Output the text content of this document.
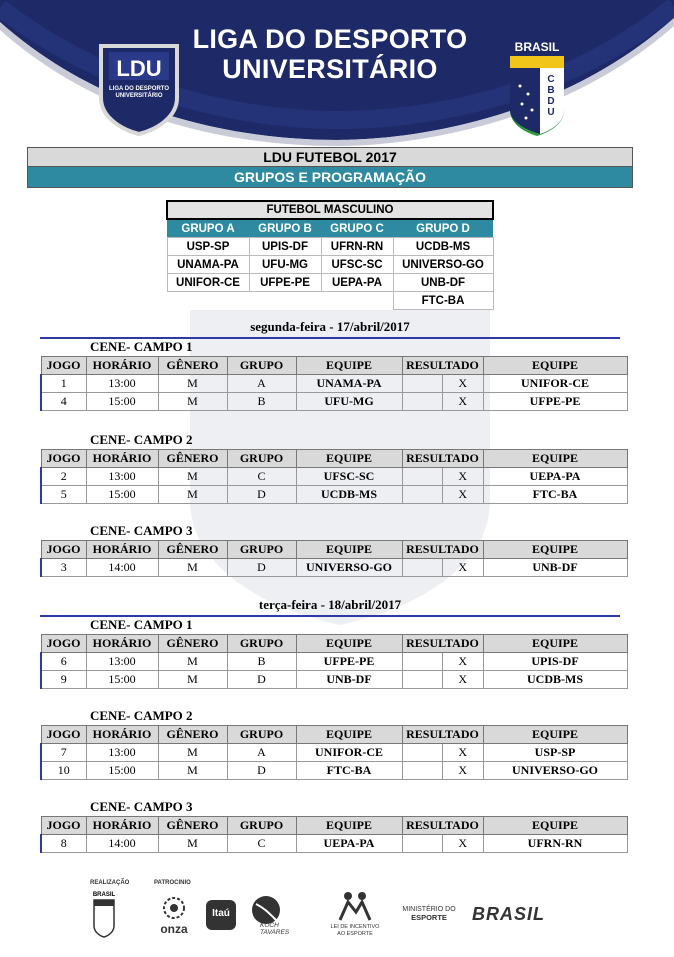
LIGA DO DESPORTO
UNIVERSITÁRIO
LDU
LIGA DO DESPORTO UNIVERSITÁRIO
BRASIL
C
B
D
U
LDU FUTEBOL 2017
GRUPOS E PROGRAMAÇÃO
FUTEBOL MASCULINO			
GRUPO A	GRUPO B	GRUPO C	GRUPO D
USP-SP	UPIS-DF	UFRN-RN	UCDB-MS
UNAMA-PA	UFU-MG	UFSC-SC	UNIVERSO-GO
UNIFOR-CE	UFPE-PE	UEPA-PA	UNB-DF
			FTC-BA
segunda-feira - 17/abril/2017
CENE- CAMPO 1
JOGO	HORÁRIO	GÊNERO	GRUPO	EQUIPE	RESULTADO		EQUIPE
1	13:00	M	A	UNAMA-PA		X	UNIFOR-CE
4	15:00	M	B	UFU-MG		X	UFPE-PE
CENE- CAMPO 2
JOGO	HORÁRIO	GÊNERO	GRUPO	EQUIPE	RESULTADO		EQUIPE
2	13:00	M	C	UFSC-SC		X	UEPA-PA
5	15:00	M	D	UCDB-MS		X	FTC-BA
CENE- CAMPO 3
JOGO	HORÁRIO	GÊNERO	GRUPO	EQUIPE	RESULTADO		EQUIPE
3	14:00	M	D	UNIVERSO-GO		X	UNB-DF
terça-feira - 18/abril/2017
CENE- CAMPO 1
JOGO	HORÁRIO	GÊNERO	GRUPO	EQUIPE	RESULTADO		EQUIPE
6	13:00	M	B	UFPE-PE		X	UPIS-DF
9	15:00	M	D	UNB-DF		X	UCDB-MS
CENE- CAMPO 2
JOGO	HORÁRIO	GÊNERO	GRUPO	EQUIPE	RESULTADO		EQUIPE
7	13:00	M	A	UNIFOR-CE		X	USP-SP
10	15:00	M	D	FTC-BA		X	UNIVERSO-GO
CENE- CAMPO 3
JOGO	HORÁRIO	GÊNERO	GRUPO	EQUIPE	RESULTADO		EQUIPE
8	14:00	M	C	UEPA-PA		X	UFRN-RN
REALIZAÇÃO	PATROCINIO
BRASIL
onza
Itaú
KOCH TAVARES
LEI DE INCENTIVO AO ESPORTE
MINISTÉRIO DO
ESPORTE	BRASIL
